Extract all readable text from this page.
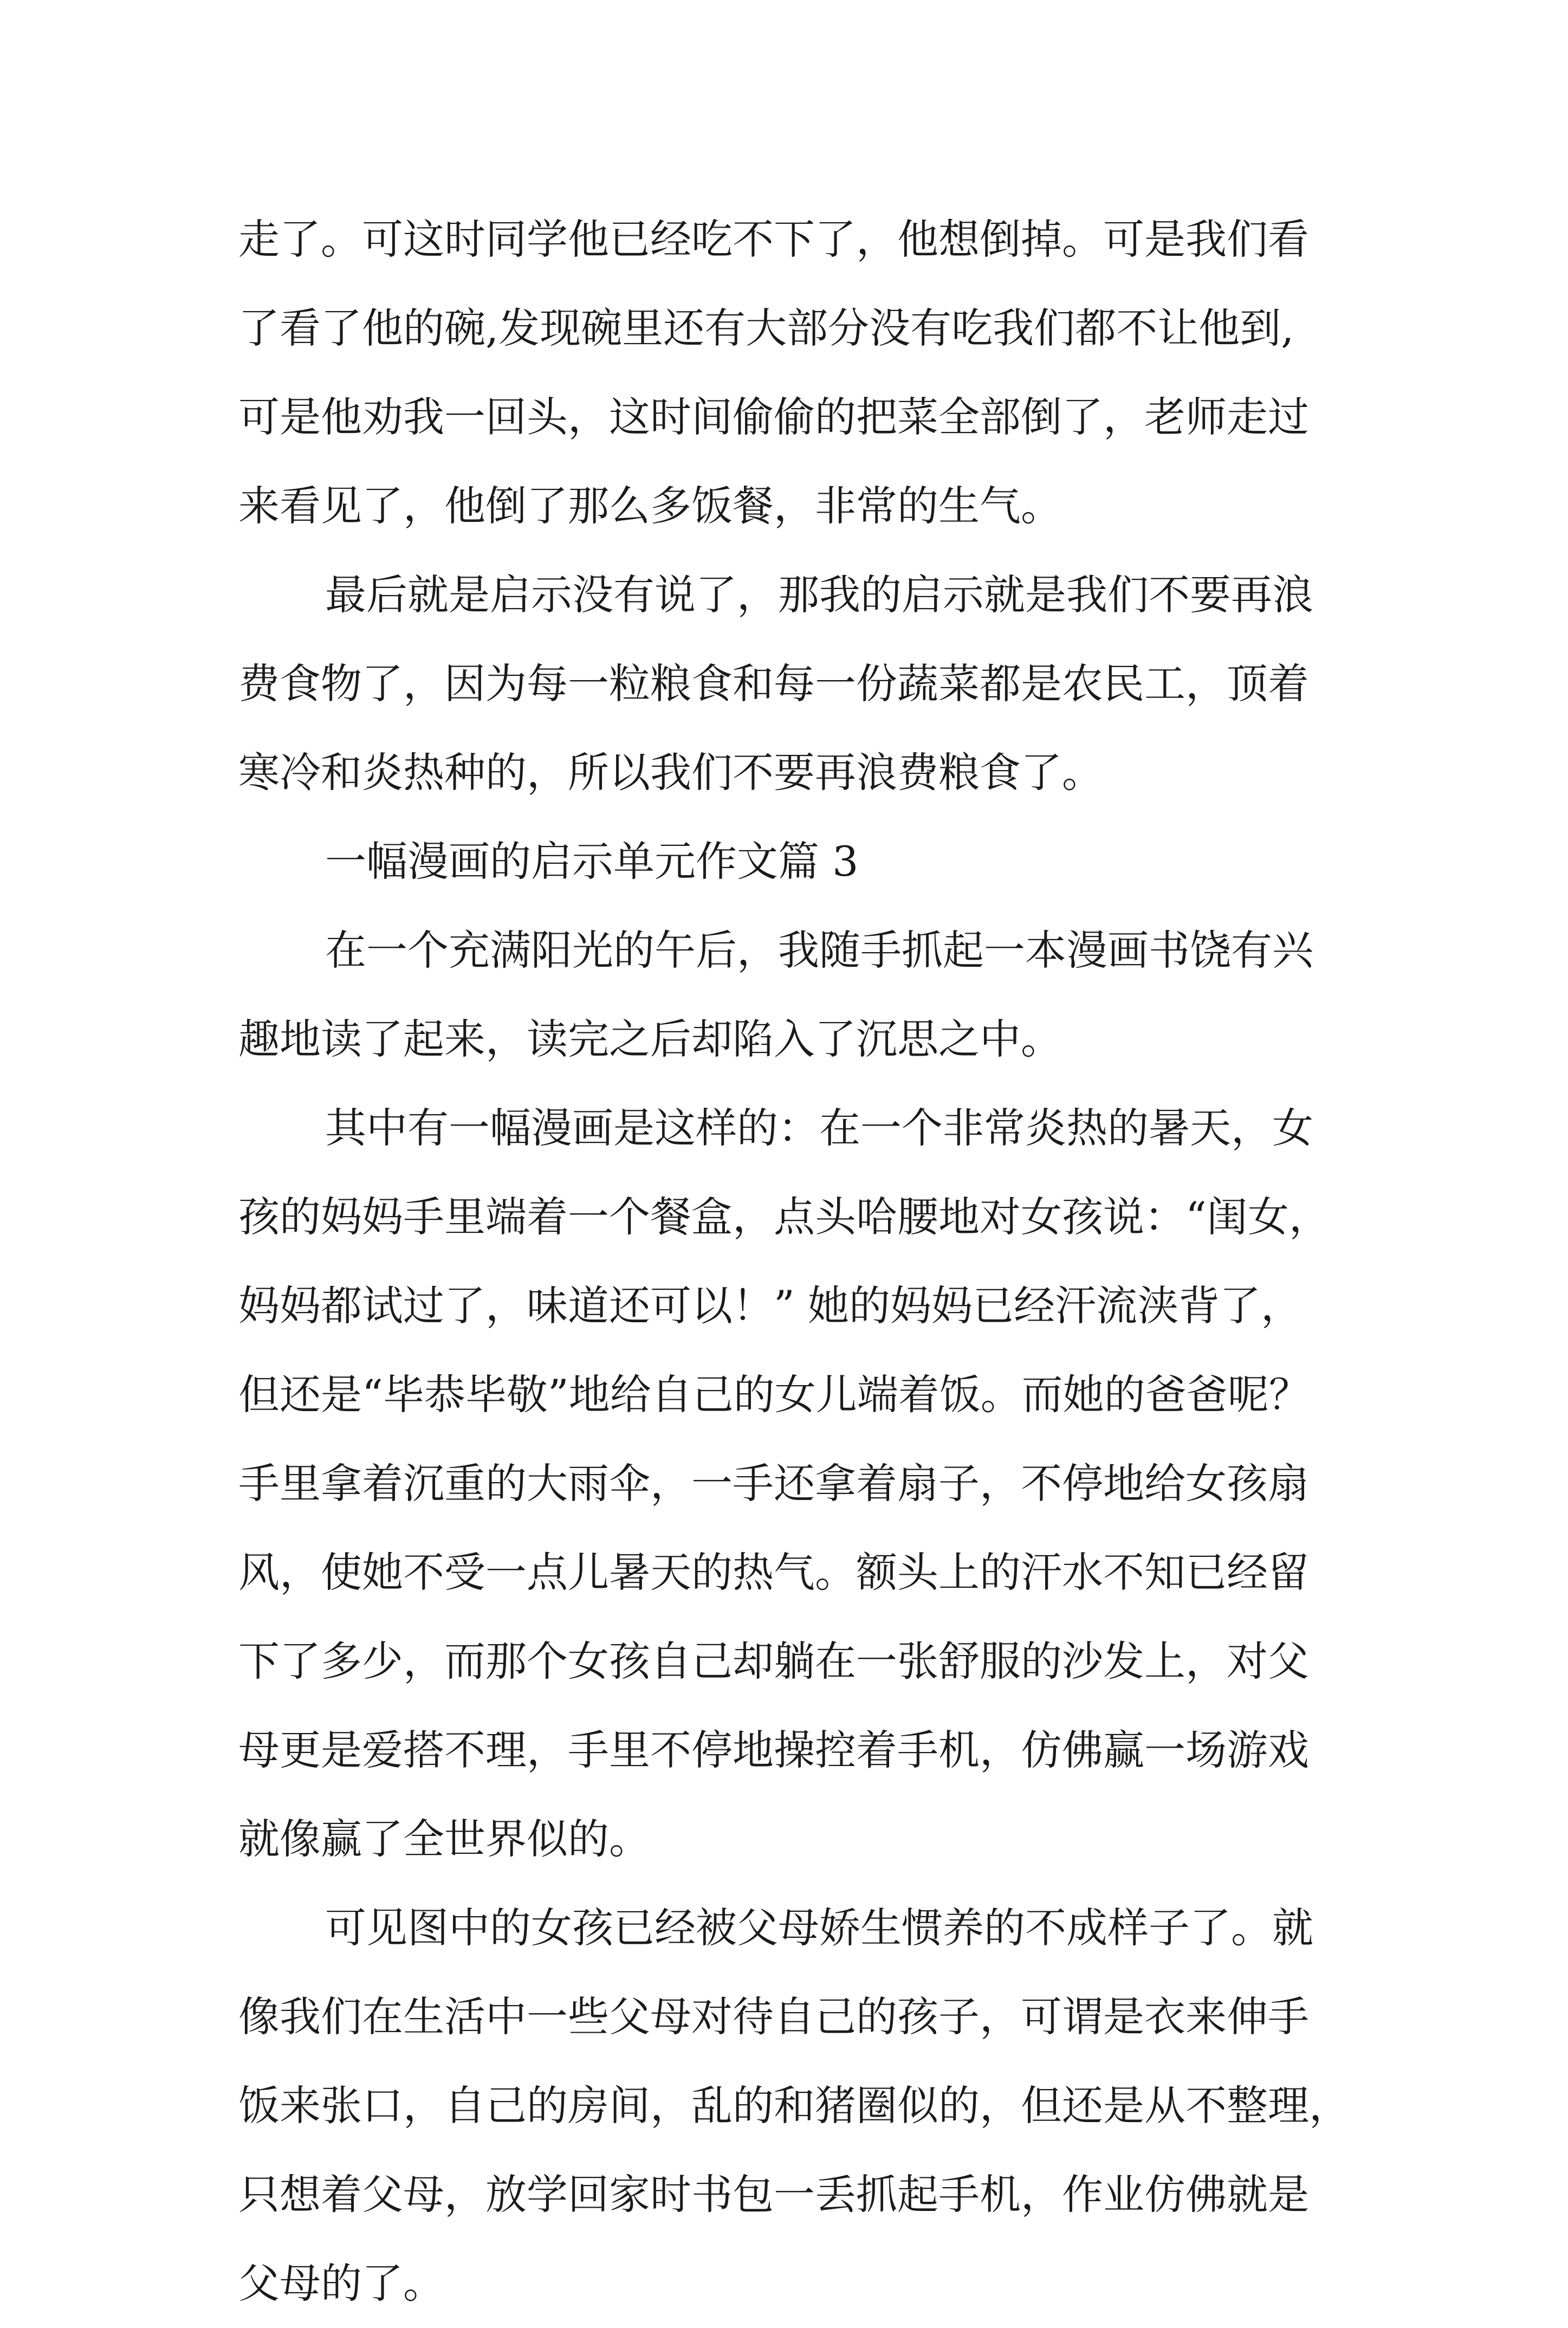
走了。可这时同学他已经吃不下了，他想倒掉。可是我们看
了看了他的碗,发现碗里还有大部分没有吃我们都不让他到,
可是他劝我一回头，这时间偷偷的把菜全部倒了，老师走过
来看见了，他倒了那么多饭餐，非常的生气。
最后就是启示没有说了，那我的启示就是我们不要再浪
费食物了，因为每一粒粮食和每一份蔬菜都是农民工，顶着
寒冷和炎热种的，所以我们不要再浪费粮食了。
一幅漫画的启示单元作文篇 3
在一个充满阳光的午后，我随手抓起一本漫画书饶有兴
趣地读了起来，读完之后却陷入了沉思之中。
其中有一幅漫画是这样的：在一个非常炎热的暑天，女
孩的妈妈手里端着一个餐盒，点头哈腰地对女孩说：“闺女，
妈妈都试过了，味道还可以！” 她的妈妈已经汗流浃背了，
但还是“毕恭毕敬”地给自己的女儿端着饭。而她的爸爸呢？
手里拿着沉重的大雨伞，一手还拿着扇子，不停地给女孩扇
风，使她不受一点儿暑天的热气。额头上的汗水不知已经留
下了多少，而那个女孩自己却躺在一张舒服的沙发上，对父
母更是爱搭不理，手里不停地操控着手机，仿佛赢一场游戏
就像赢了全世界似的。
可见图中的女孩已经被父母娇生惯养的不成样子了。就
像我们在生活中一些父母对待自己的孩子，可谓是衣来伸手
饭来张口，自己的房间，乱的和猪圈似的，但还是从不整理，
只想着父母，放学回家时书包一丢抓起手机，作业仿佛就是
父母的了。
